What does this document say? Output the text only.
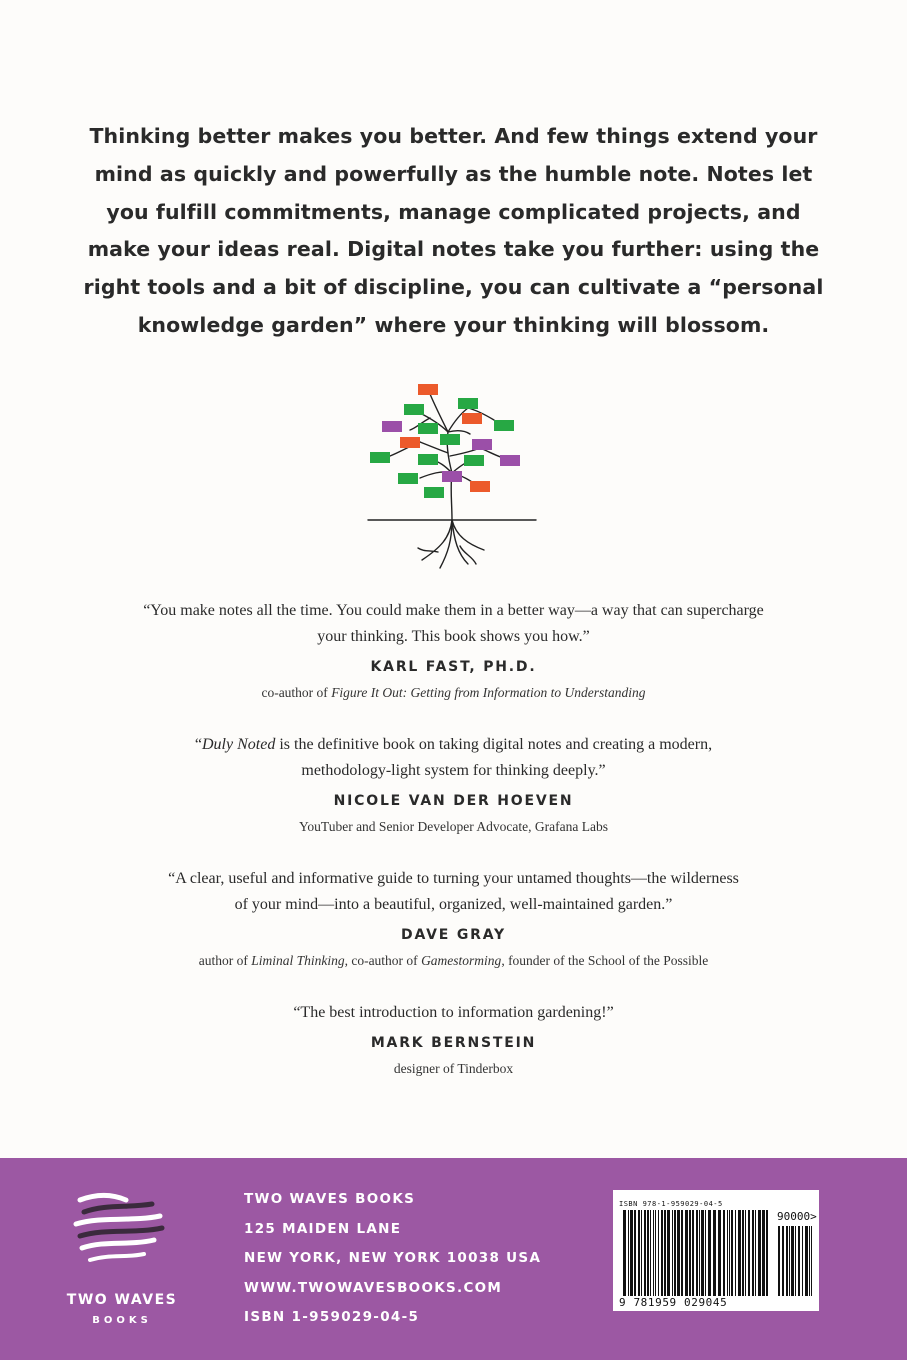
Thinking better makes you better. And few things extend your
mind as quickly and powerfully as the humble note. Notes let
you fulfill commitments, manage complicated projects, and
make your ideas real. Digital notes take you further: using the
right tools and a bit of discipline, you can cultivate a “personal
knowledge garden” where your thinking will blossom.
“You make notes all the time. You could make them in a better way—a way that can supercharge
your thinking. This book shows you how.”
KARL FAST, PH.D.
co-author of Figure It Out: Getting from Information to Understanding
“Duly Noted is the definitive book on taking digital notes and creating a modern,
methodology-light system for thinking deeply.”
NICOLE VAN DER HOEVEN
YouTuber and Senior Developer Advocate, Grafana Labs
“A clear, useful and informative guide to turning your untamed thoughts—the wilderness
of your mind—into a beautiful, organized, well-maintained garden.”
DAVE GRAY
author of Liminal Thinking, co-author of Gamestorming, founder of the School of the Possible
“The best introduction to information gardening!”
MARK BERNSTEIN
designer of Tinderbox
TWO WAVES
BOOKS
TWO WAVES BOOKS
125 MAIDEN LANE
NEW YORK, NEW YORK 10038 USA
WWW.TWOWAVESBOOKS.COM
ISBN 1-959029-04-5
ISBN 978-1-959029-04-5
90000>
9 781959 029045
